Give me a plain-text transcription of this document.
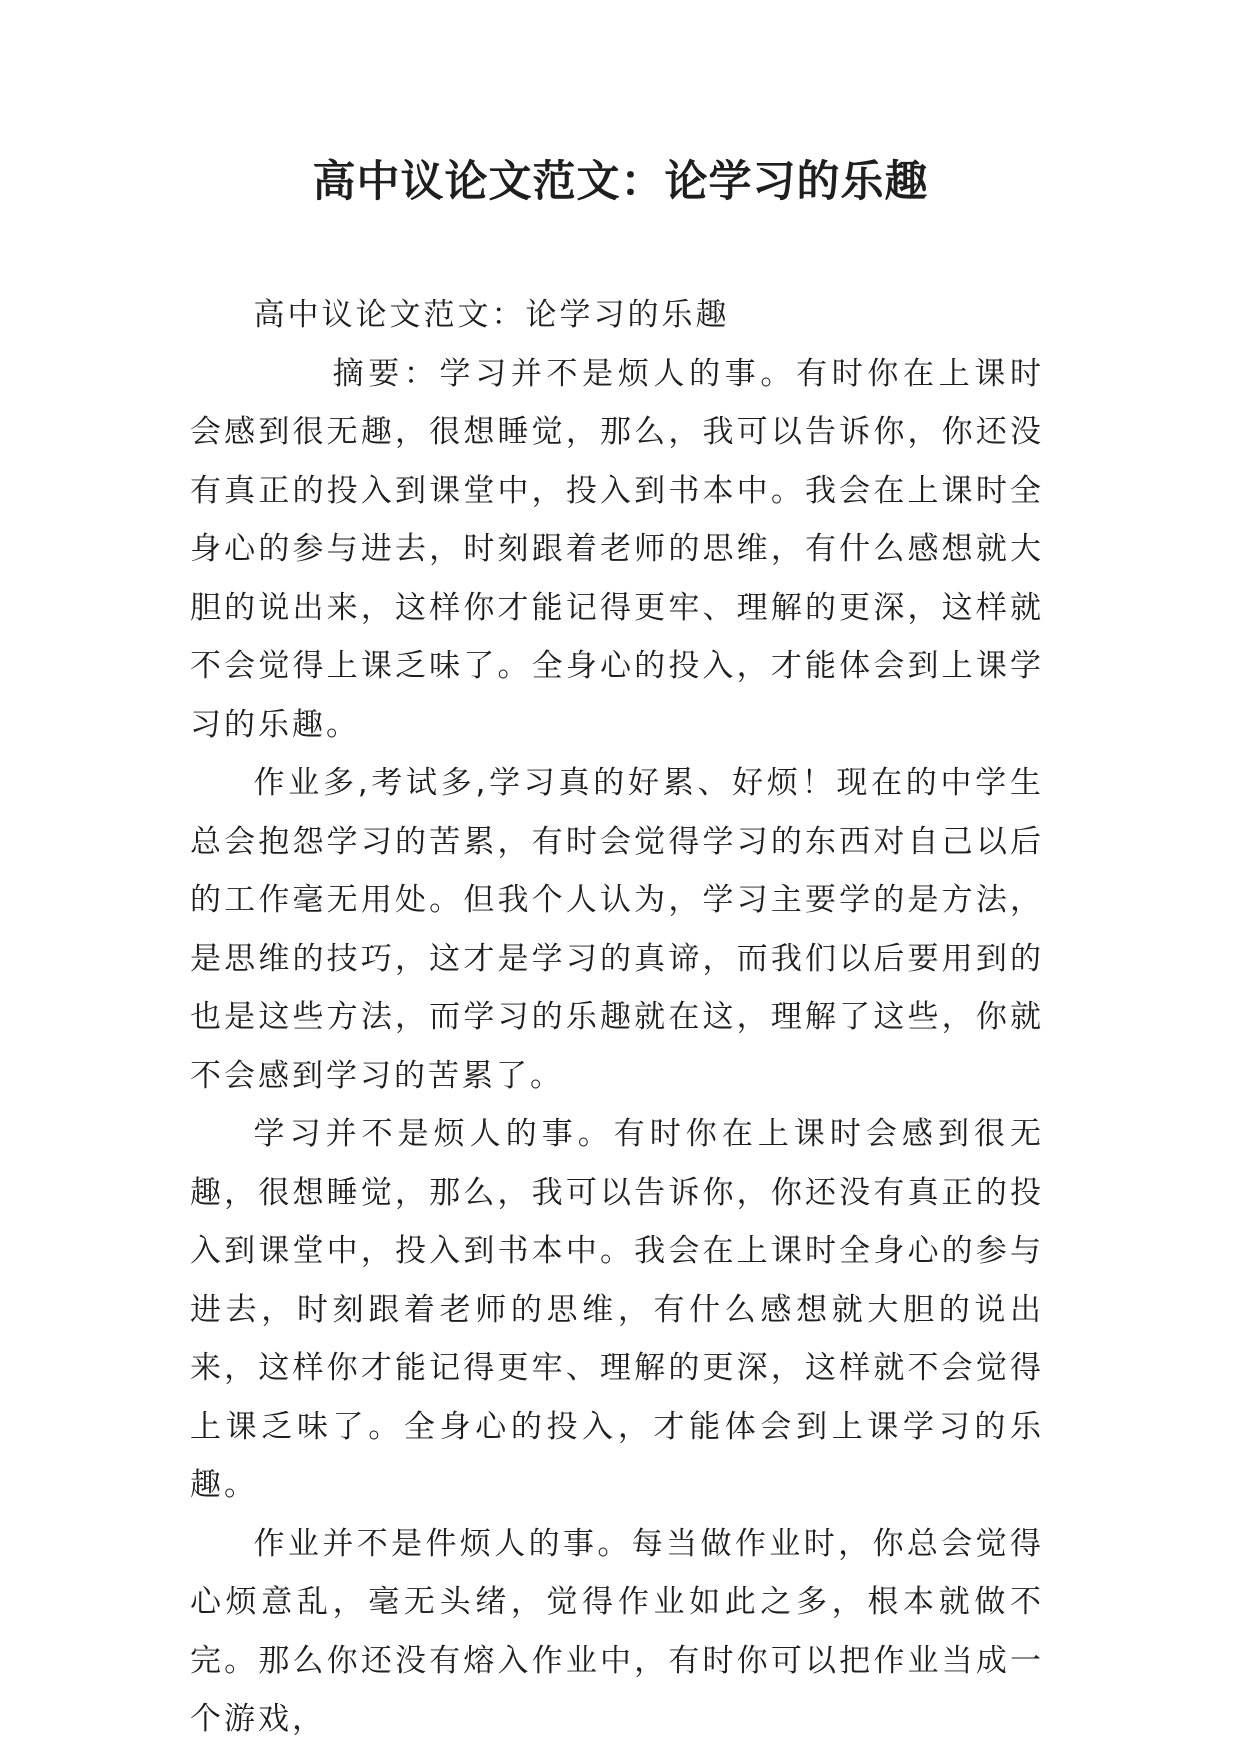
高中议论文范文：论学习的乐趣

高中议论文范文：论学习的乐趣

摘要：学习并不是烦人的事。有时你在上课时会感到很无趣，很想睡觉，那么，我可以告诉你，你还没有真正的投入到课堂中，投入到书本中。我会在上课时全身心的参与进去，时刻跟着老师的思维，有什么感想就大胆的说出来，这样你才能记得更牢、理解的更深，这样就不会觉得上课乏味了。全身心的投入，才能体会到上课学习的乐趣。

作业多,考试多,学习真的好累、好烦！现在的中学生总会抱怨学习的苦累，有时会觉得学习的东西对自己以后的工作毫无用处。但我个人认为，学习主要学的是方法，是思维的技巧，这才是学习的真谛，而我们以后要用到的也是这些方法，而学习的乐趣就在这，理解了这些，你就不会感到学习的苦累了。

学习并不是烦人的事。有时你在上课时会感到很无趣，很想睡觉，那么，我可以告诉你，你还没有真正的投入到课堂中，投入到书本中。我会在上课时全身心的参与进去，时刻跟着老师的思维，有什么感想就大胆的说出来，这样你才能记得更牢、理解的更深，这样就不会觉得上课乏味了。全身心的投入，才能体会到上课学习的乐趣。

作业并不是件烦人的事。每当做作业时，你总会觉得心烦意乱，毫无头绪，觉得作业如此之多，根本就做不完。那么你还没有熔入作业中，有时你可以把作业当成一个游戏，
